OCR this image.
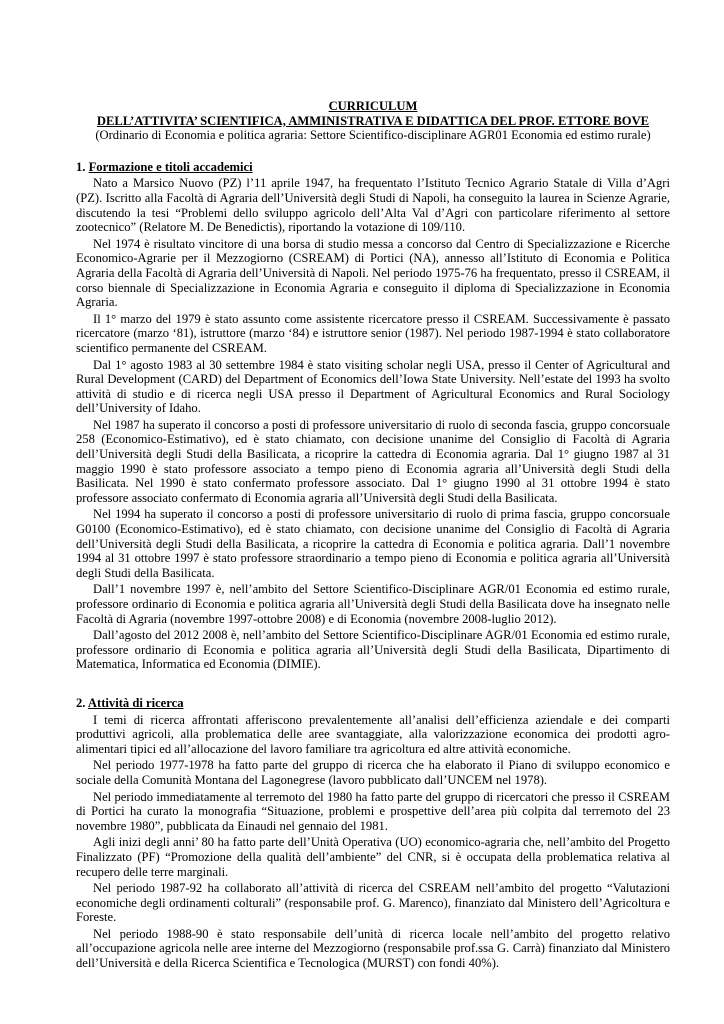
CURRICULUM

DELL’ATTIVITA’ SCIENTIFICA, AMMINISTRATIVA E DIDATTICA DEL PROF. ETTORE BOVE

(Ordinario di Economia e politica agraria: Settore Scientifico-disciplinare AGR01 Economia ed estimo rurale)

1. Formazione e titoli accademici

Nato a Marsico Nuovo (PZ) l’11 aprile 1947, ha frequentato l’Istituto Tecnico Agrario Statale di Villa d’Agri (PZ). Iscritto alla Facoltà di Agraria dell’Università degli Studi di Napoli, ha conseguito la laurea in Scienze Agrarie, discutendo la tesi “Problemi dello sviluppo agricolo dell’Alta Val d’Agri con particolare riferimento al settore zootecnico” (Relatore M. De Benedictis), riportando la votazione di 109/110.

Nel 1974 è risultato vincitore di una borsa di studio messa a concorso dal Centro di Specializzazione e Ricerche Economico-Agrarie per il Mezzogiorno (CSREAM) di Portici (NA), annesso all’Istituto di Economia e Politica Agraria della Facoltà di Agraria dell’Università di Napoli. Nel periodo 1975-76 ha frequentato, presso il CSREAM, il corso biennale di Specializzazione in Economia Agraria e conseguito il diploma di Specializzazione in Economia Agraria.

Il 1° marzo del 1979 è stato assunto come assistente ricercatore presso il CSREAM. Successivamente è passato ricercatore (marzo ‘81), istruttore (marzo ‘84) e istruttore senior (1987). Nel periodo 1987-1994 è stato collaboratore scientifico permanente del CSREAM.

Dal 1° agosto 1983 al 30 settembre 1984 è stato visiting scholar negli USA, presso il Center of Agricultural and Rural Development (CARD) del Department of Economics dell’Iowa State University. Nell’estate del 1993 ha svolto attività di studio e di ricerca negli USA presso il Department of Agricultural Economics and Rural Sociology dell’University of Idaho.

Nel 1987 ha superato il concorso a posti di professore universitario di ruolo di seconda fascia, gruppo concorsuale 258 (Economico-Estimativo), ed è stato chiamato, con decisione unanime del Consiglio di Facoltà di Agraria dell’Università degli Studi della Basilicata, a ricoprire la cattedra di Economia agraria. Dal 1° giugno 1987 al 31 maggio 1990 è stato professore associato a tempo pieno di Economia agraria all’Università degli Studi della Basilicata. Nel 1990 è stato confermato professore associato. Dal 1° giugno 1990 al 31 ottobre 1994 è stato professore associato confermato di Economia agraria all’Università degli Studi della Basilicata.

Nel 1994 ha superato il concorso a posti di professore universitario di ruolo di prima fascia, gruppo concorsuale G0100 (Economico-Estimativo), ed è stato chiamato, con decisione unanime del Consiglio di Facoltà di Agraria dell’Università degli Studi della Basilicata, a ricoprire la cattedra di Economia e politica agraria. Dall’1 novembre 1994 al 31 ottobre 1997 è stato professore straordinario a tempo pieno di Economia e politica agraria all’Università degli Studi della Basilicata.

Dall’1 novembre 1997 è, nell’ambito del Settore Scientifico-Disciplinare AGR/01 Economia ed estimo rurale, professore ordinario di Economia e politica agraria all’Università degli Studi della Basilicata dove ha insegnato nelle Facoltà di Agraria (novembre 1997-ottobre 2008) e di Economia (novembre 2008-luglio 2012).

Dall’agosto del 2012 2008 è, nell’ambito del Settore Scientifico-Disciplinare AGR/01 Economia ed estimo rurale, professore ordinario di Economia e politica agraria all’Università degli Studi della Basilicata, Dipartimento di Matematica, Informatica ed Economia (DIMIE).

2. Attività di ricerca

I temi di ricerca affrontati afferiscono prevalentemente all’analisi dell’efficienza aziendale e dei comparti produttivi agricoli, alla problematica delle aree svantaggiate, alla valorizzazione economica dei prodotti agro-alimentari tipici ed all’allocazione del lavoro familiare tra agricoltura ed altre attività economiche.

Nel periodo 1977-1978 ha fatto parte del gruppo di ricerca che ha elaborato il Piano di sviluppo economico e sociale della Comunità Montana del Lagonegrese (lavoro pubblicato dall’UNCEM nel 1978).

Nel periodo immediatamente al terremoto del 1980 ha fatto parte del gruppo di ricercatori che presso il CSREAM di Portici ha curato la monografia “Situazione, problemi e prospettive dell’area più colpita dal terremoto del 23 novembre 1980”, pubblicata da Einaudi nel gennaio del 1981.

Agli inizi degli anni’ 80 ha fatto parte dell’Unità Operativa (UO) economico-agraria che, nell’ambito del Progetto Finalizzato (PF) “Promozione della qualità dell’ambiente” del CNR, si è occupata della problematica relativa al recupero delle terre marginali.

Nel periodo 1987-92 ha collaborato all’attività di ricerca del CSREAM nell’ambito del progetto “Valutazioni economiche degli ordinamenti colturali” (responsabile prof. G. Marenco), finanziato dal Ministero dell’Agricoltura e Foreste.

Nel periodo 1988-90 è stato responsabile dell’unità di ricerca locale nell’ambito del progetto relativo all’occupazione agricola nelle aree interne del Mezzogiorno (responsabile prof.ssa G. Carrà) finanziato dal Ministero dell’Università e della Ricerca Scientifica e Tecnologica (MURST) con fondi 40%).
